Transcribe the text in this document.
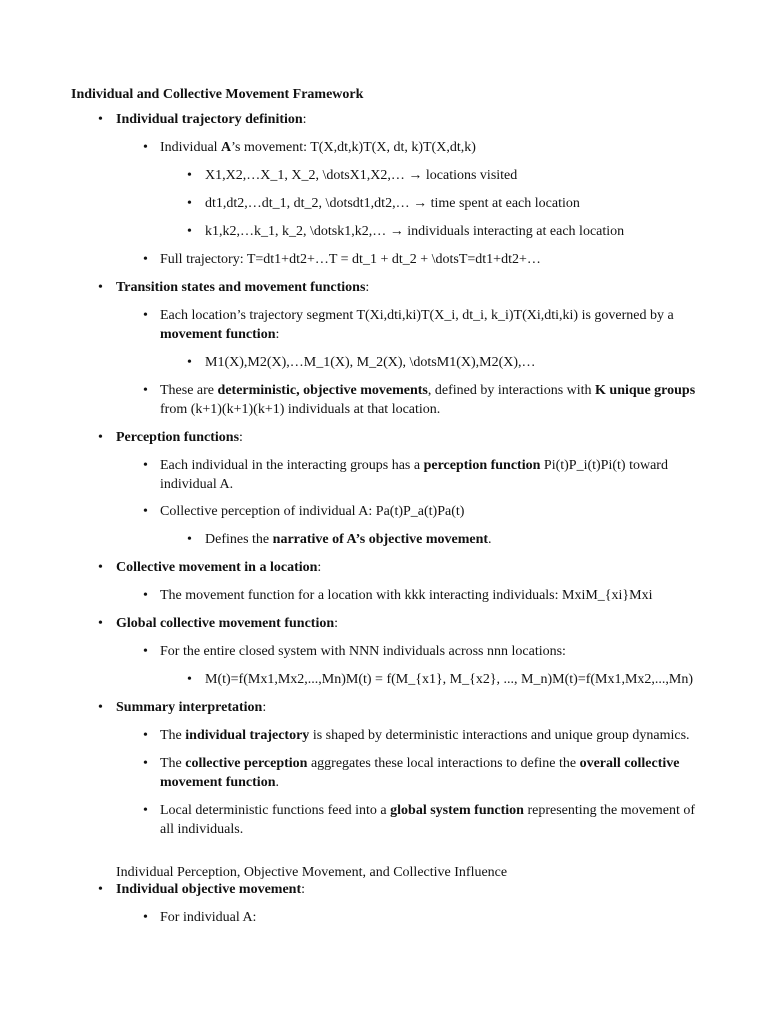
Individual and Collective Movement Framework
• Individual trajectory definition:
• Individual A’s movement: T(X,dt,k)T(X, dt, k)T(X,dt,k)
• X1,X2,…X_1, X_2, \dotsX1,X2,… → locations visited
• dt1,dt2,…dt_1, dt_2, \dotsdt1,dt2,… → time spent at each location
• k1,k2,…k_1, k_2, \dotsk1,k2,… → individuals interacting at each location
• Full trajectory: T=dt1+dt2+…T = dt_1 + dt_2 + \dotsT=dt1+dt2+…
• Transition states and movement functions:
• Each location’s trajectory segment T(Xi,dti,ki)T(X_i, dt_i, k_i)T(Xi,dti,ki) is governed by a movement function:
• M1(X),M2(X),…M_1(X), M_2(X), \dotsM1(X),M2(X),…
• These are deterministic, objective movements, defined by interactions with K unique groups from (k+1)(k+1)(k+1) individuals at that location.
• Perception functions:
• Each individual in the interacting groups has a perception function Pi(t)P_i(t)Pi(t) toward individual A.
• Collective perception of individual A: Pa(t)P_a(t)Pa(t)
• Defines the narrative of A’s objective movement.
• Collective movement in a location:
• The movement function for a location with kkk interacting individuals: MxiM_{xi}Mxi
• Global collective movement function:
• For the entire closed system with NNN individuals across nnn locations:
• M(t)=f(Mx1,Mx2,...,Mn)M(t) = f(M_{x1}, M_{x2}, ..., M_n)M(t)=f(Mx1,Mx2,...,Mn)
• Summary interpretation:
• The individual trajectory is shaped by deterministic interactions and unique group dynamics.
• The collective perception aggregates these local interactions to define the overall collective movement function.
• Local deterministic functions feed into a global system function representing the movement of all individuals.
Individual Perception, Objective Movement, and Collective Influence
• Individual objective movement:
• For individual A:
